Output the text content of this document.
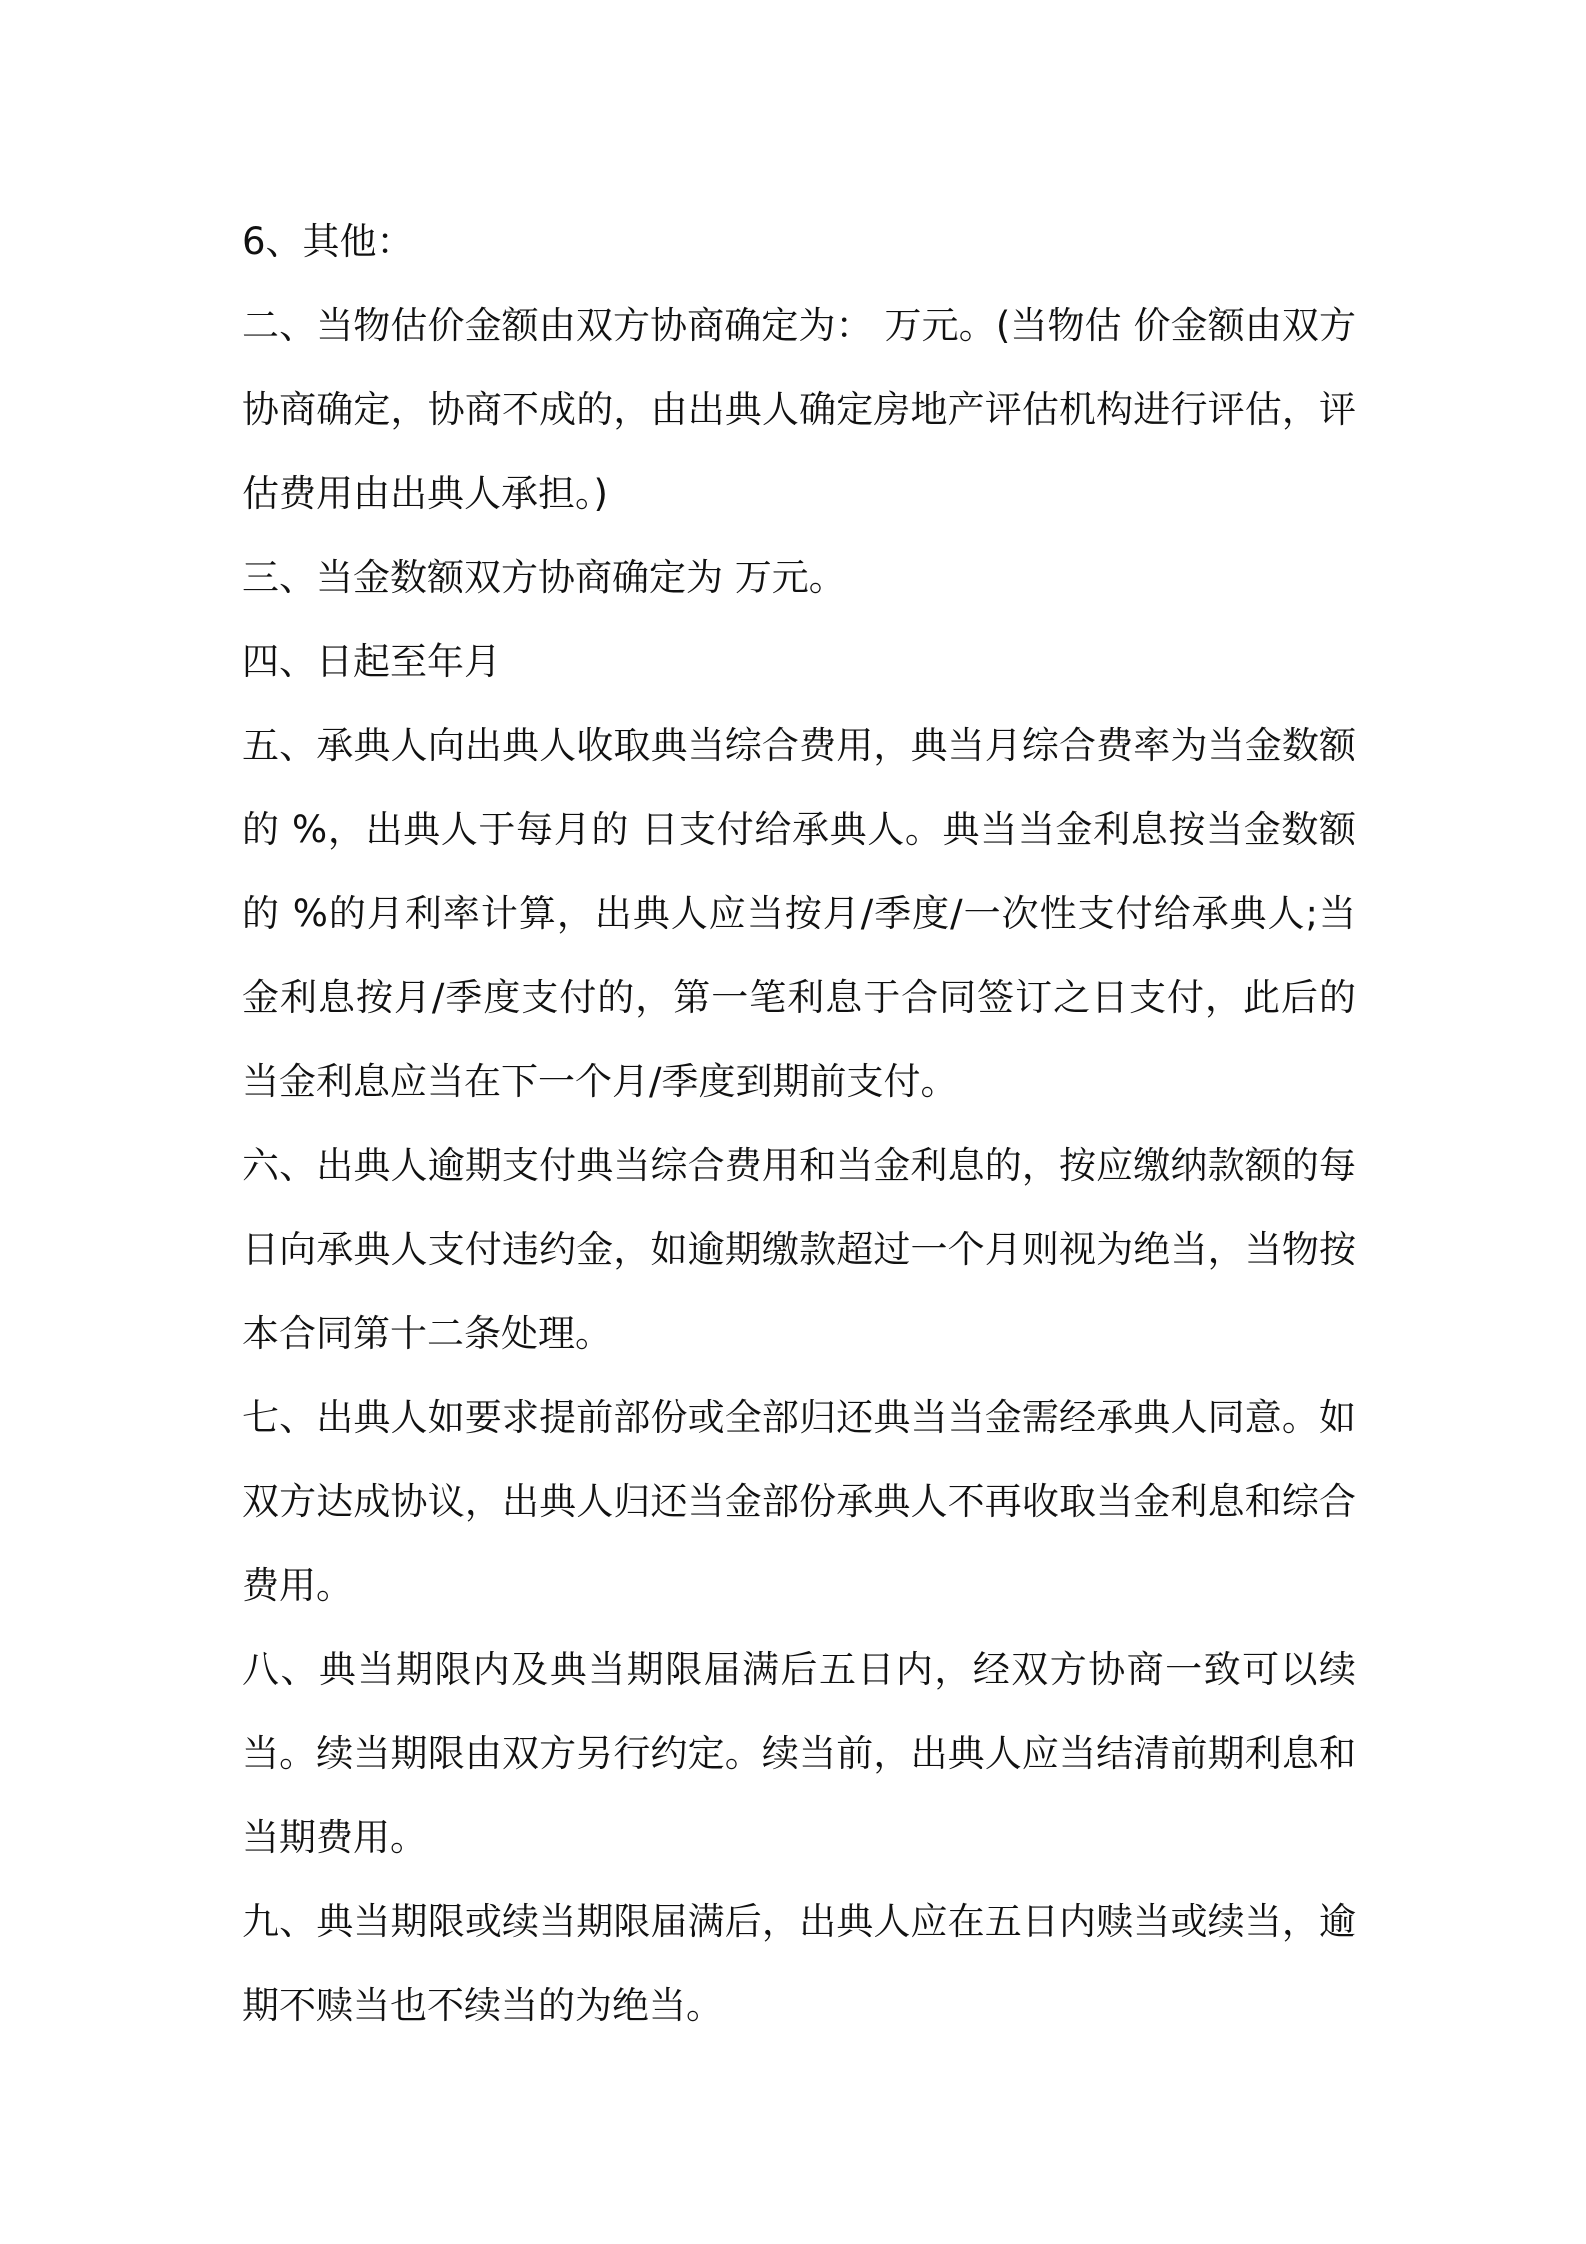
6、其他：

二、当物估价金额由双方协商确定为： 万元。(当物估 价金额由双方协商确定，协商不成的，由出典人确定房地产评估机构进行评估，评估费用由出典人承担。)

三、当金数额双方协商确定为 万元。

四、日起至年月

五、承典人向出典人收取典当综合费用，典当月综合费率为当金数额的 %，出典人于每月的 日支付给承典人。典当当金利息按当金数额的 %的月利率计算，出典人应当按月/季度/一次性支付给承典人;当金利息按月/季度支付的，第一笔利息于合同签订之日支付，此后的当金利息应当在下一个月/季度到期前支付。

六、出典人逾期支付典当综合费用和当金利息的，按应缴纳款额的每日向承典人支付违约金，如逾期缴款超过一个月则视为绝当，当物按本合同第十二条处理。

七、出典人如要求提前部份或全部归还典当当金需经承典人同意。如双方达成协议，出典人归还当金部份承典人不再收取当金利息和综合费用。

八、典当期限内及典当期限届满后五日内，经双方协商一致可以续当。续当期限由双方另行约定。续当前，出典人应当结清前期利息和当期费用。

九、典当期限或续当期限届满后，出典人应在五日内赎当或续当，逾期不赎当也不续当的为绝当。
